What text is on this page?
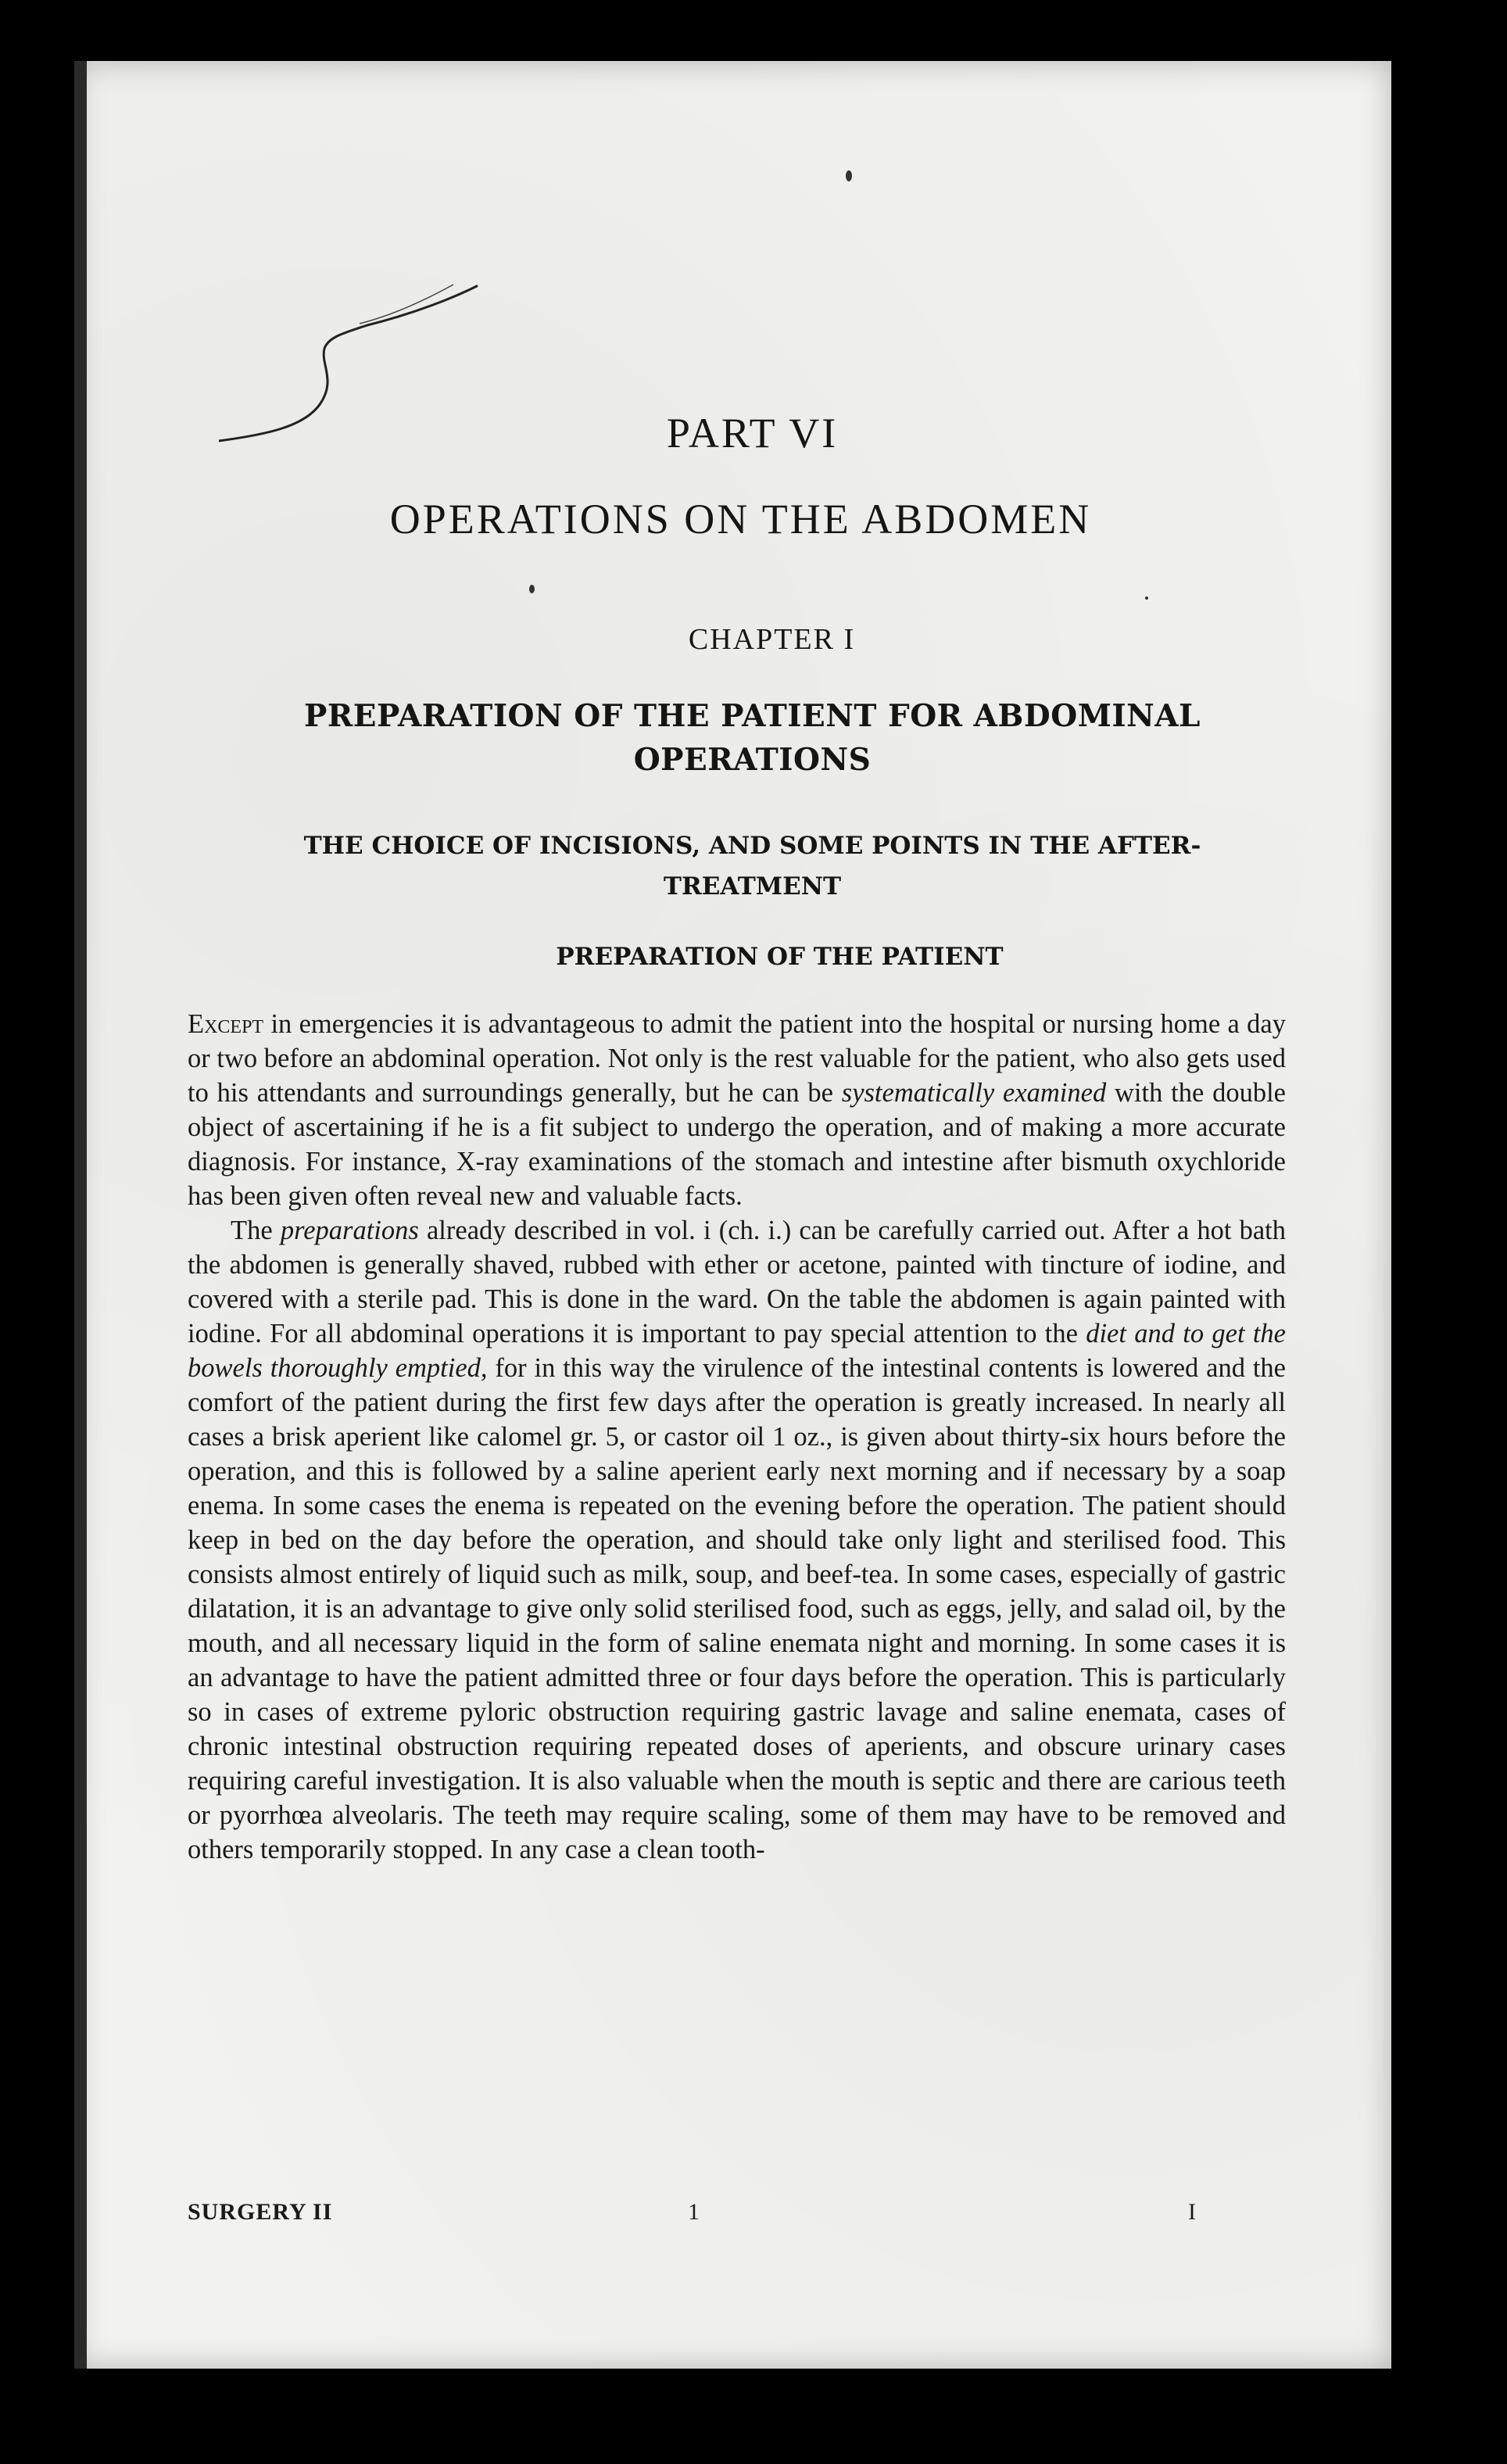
PART VI
OPERATIONS ON THE ABDOMEN
CHAPTER I
PREPARATION OF THE PATIENT FOR ABDOMINAL
OPERATIONS
THE CHOICE OF INCISIONS, AND SOME POINTS IN THE AFTER-
TREATMENT
PREPARATION OF THE PATIENT

Except in emergencies it is advantageous to admit the patient into the hospital or nursing home a day or two before an abdominal operation. Not only is the rest valuable for the patient, who also gets used to his attendants and surroundings generally, but he can be systematically examined with the double object of ascertaining if he is a fit subject to undergo the operation, and of making a more accurate diagnosis. For instance, X-ray examinations of the stomach and intestine after bismuth oxychloride has been given often reveal new and valuable facts.

The preparations already described in vol. i (ch. i.) can be carefully carried out. After a hot bath the abdomen is generally shaved, rubbed with ether or acetone, painted with tincture of iodine, and covered with a sterile pad. This is done in the ward. On the table the abdomen is again painted with iodine. For all abdominal operations it is important to pay special attention to the diet and to get the bowels thoroughly emptied, for in this way the virulence of the intestinal contents is lowered and the comfort of the patient during the first few days after the operation is greatly increased. In nearly all cases a brisk aperient like calomel gr. 5, or castor oil 1 oz., is given about thirty-six hours before the operation, and this is followed by a saline aperient early next morning and if necessary by a soap enema. In some cases the enema is repeated on the evening before the operation. The patient should keep in bed on the day before the operation, and should take only light and sterilised food. This consists almost entirely of liquid such as milk, soup, and beef-tea. In some cases, especially of gastric dilatation, it is an advantage to give only solid sterilised food, such as eggs, jelly, and salad oil, by the mouth, and all necessary liquid in the form of saline enemata night and morning. In some cases it is an advantage to have the patient admitted three or four days before the operation. This is particularly so in cases of extreme pyloric obstruction requiring gastric lavage and saline enemata, cases of chronic intestinal obstruction requiring repeated doses of aperients, and obscure urinary cases requiring careful investigation. It is also valuable when the mouth is septic and there are carious teeth or pyorrhœa alveolaris. The teeth may require scaling, some of them may have to be removed and others temporarily stopped. In any case a clean tooth-

SURGERY II	1	I
